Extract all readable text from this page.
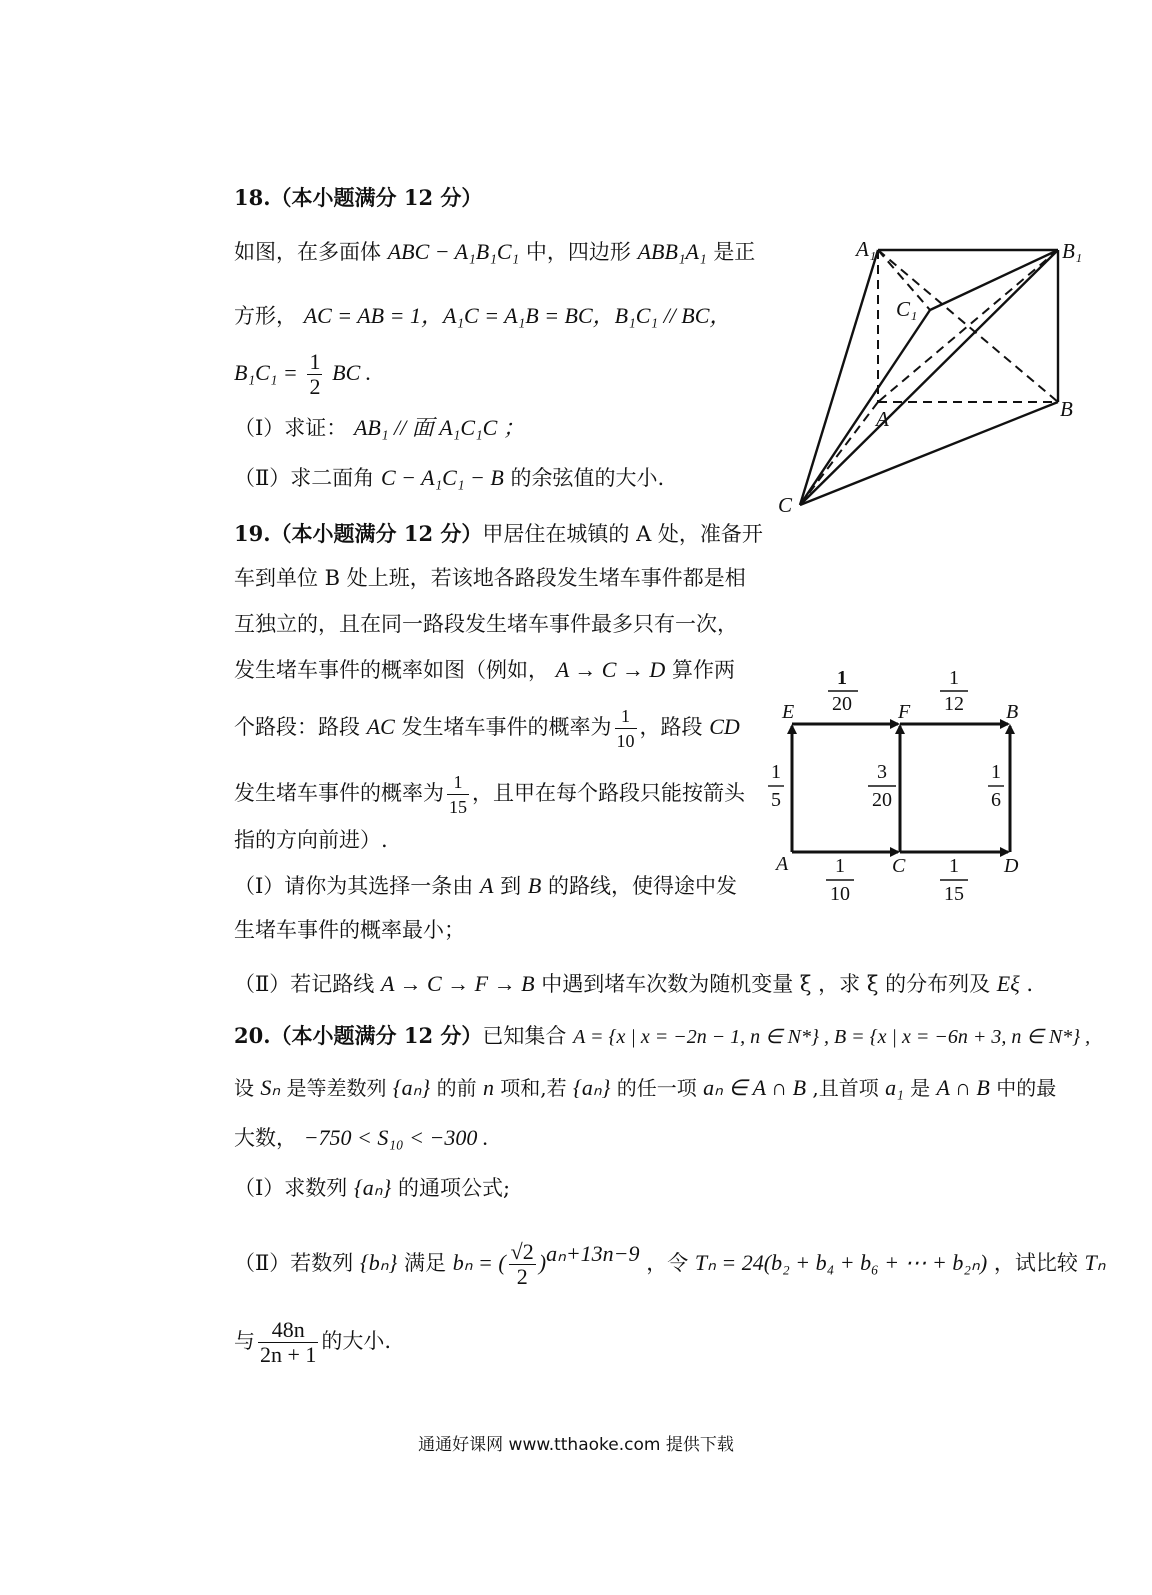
18.（本小题满分 12 分）
如图，在多面体 ABC − A₁B₁C₁ 中，四边形 ABB₁A₁ 是正
方形， AC = AB = 1，A₁C = A₁B = BC，B₁C₁ // BC，
$B_1C_1 = \frac{1}{2}$ BC .
（Ⅰ）求证： AB₁ // 面 A₁C₁C ；
（Ⅱ）求二面角 C − A₁C₁ − B 的余弦值的大小.
A₁	B₁
C₁
A	B
C
19.（本小题满分 12 分）甲居住在城镇的 A 处，准备开
车到单位 B 处上班，若该地各路段发生堵车事件都是相
互独立的，且在同一路段发生堵车事件最多只有一次，
发生堵车事件的概率如图（例如， A → C → D 算作两
个路段：路段 AC 发生堵车事件的概率为 $\frac{1}{10}$ ，路段 CD
发生堵车事件的概率为 $\frac{1}{15}$ ，且甲在每个路段只能按箭头
指的方向前进）.
（Ⅰ）请你为其选择一条由 A 到 B 的路线，使得途中发
生堵车事件的概率最小；
（Ⅱ）若记路线 A → C → F → B 中遇到堵车次数为随机变量 ξ ，求 ξ 的分布列及 Eξ .
E	F	B
A	C	D
1
20
1
12
1
5
3
20
1
6
1
10
1
15
20.（本小题满分 12 分）已知集合 A = {x | x = −2n − 1, n ∈ N*} , B = {x | x = −6n + 3, n ∈ N*} ,
设 Sₙ 是等差数列 {aₙ} 的前 n 项和,若 {aₙ} 的任一项 aₙ ∈ A ∩ B ,且首项 a₁ 是 A ∩ B 中的最
大数， −750 < S₁₀ < −300 .
（Ⅰ）求数列 {aₙ} 的通项公式;
（Ⅱ）若数列 {bₙ} 满足 bₙ = ( $\frac{√2}{2} )^{a_n+13n-9}$ ，令 Tₙ = 24(b₂ + b₄ + b₆ + ⋯ + b₂ₙ) ，试比较 Tₙ
与 $\frac{48n}{2n + 1}$ 的大小.
通通好课网 www.tthaoke.com 提供下载
